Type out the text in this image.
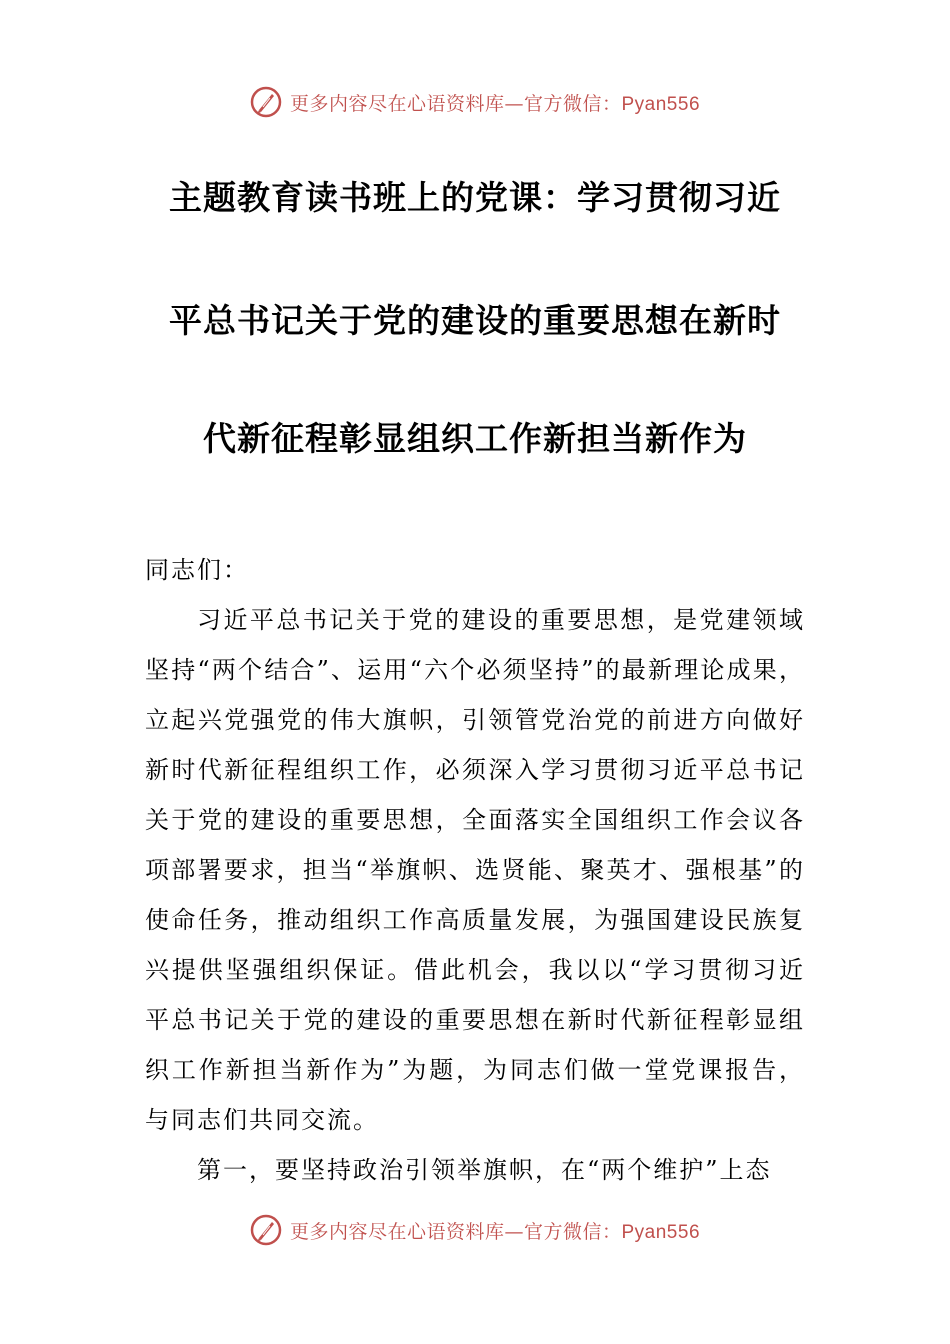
更多内容尽在心语资料库—官方微信：Pyan556
主题教育读书班上的党课：学习贯彻习近
平总书记关于党的建设的重要思想在新时
代新征程彰显组织工作新担当新作为

同志们：

习近平总书记关于党的建设的重要思想，是党建领域坚持“两个结合”、运用“六个必须坚持”的最新理论成果，立起兴党强党的伟大旗帜，引领管党治党的前进方向做好新时代新征程组织工作，必须深入学习贯彻习近平总书记关于党的建设的重要思想，全面落实全国组织工作会议各项部署要求，担当“举旗帜、选贤能、聚英才、强根基”的使命任务，推动组织工作高质量发展，为强国建设民族复兴提供坚强组织保证。借此机会，我以以“学习贯彻习近平总书记关于党的建设的重要思想在新时代新征程彰显组织工作新担当新作为”为题，为同志们做一堂党课报告，与同志们共同交流。

第一，要坚持政治引领举旗帜，在“两个维护”上态

更多内容尽在心语资料库—官方微信：Pyan556
